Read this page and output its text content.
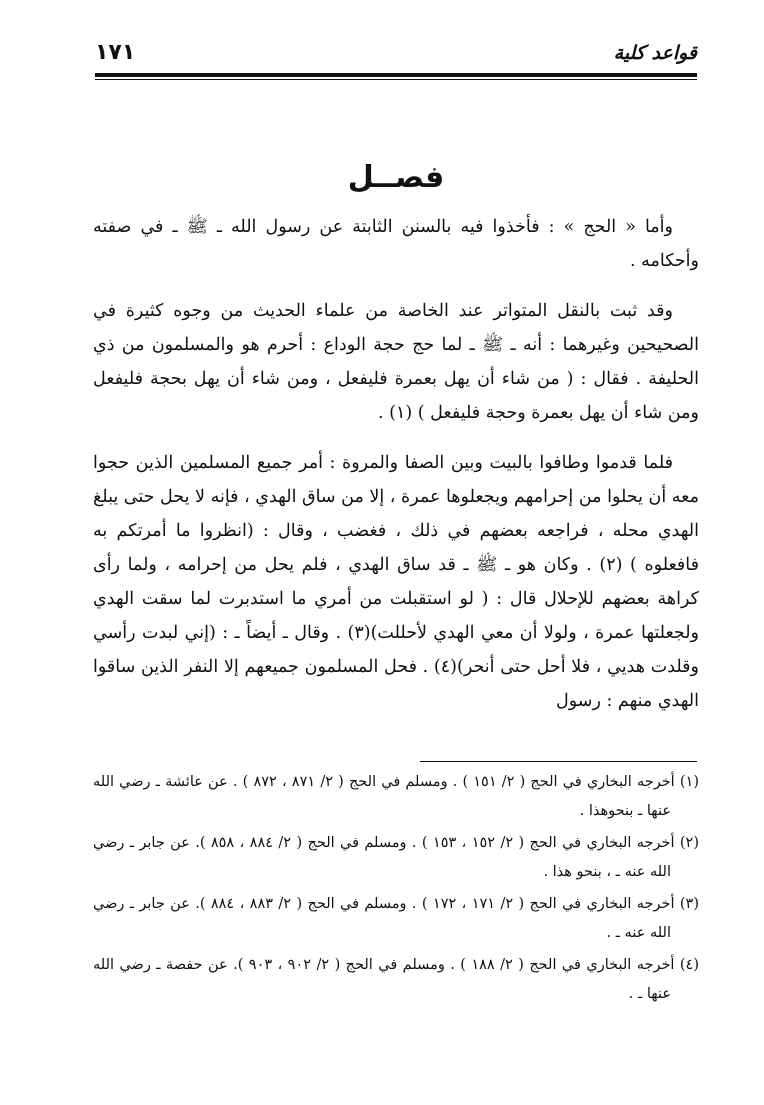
قواعد كلية
١٧١
فصــل

وأما « الحج » : فأخذوا فيه بالسنن الثابتة عن رسول الله ـ ﷺ ـ في صفته وأحكامه .

وقد ثبت بالنقل المتواتر عند الخاصة من علماء الحديث من وجوه كثيرة في الصحيحين وغيرهما : أنه ـ ﷺ ـ لما حج حجة الوداع : أحرم هو والمسلمون من ذي الحليفة . فقال : ( من شاء أن يهل بعمرة فليفعل ، ومن شاء أن يهل بحجة فليفعل ومن شاء أن يهل بعمرة وحجة فليفعل ) (١) .

فلما قدموا وطافوا بالبيت وبين الصفا والمروة : أمر جميع المسلمين الذين حجوا معه أن يحلوا من إحرامهم ويجعلوها عمرة ، إلا من ساق الهدي ، فإنه لا يحل حتى يبلغ الهدي محله ، فراجعه بعضهم في ذلك ، فغضب ، وقال : (انظروا ما أمرتكم به فافعلوه ) (٢) . وكان هو ـ ﷺ ـ قد ساق الهدي ، فلم يحل من إحرامه ، ولما رأى كراهة بعضهم للإحلال قال : ( لو استقبلت من أمري ما استدبرت لما سقت الهدي ولجعلتها عمرة ، ولولا أن معي الهدي لأحللت)(٣) . وقال ـ أيضاً ـ : (إني لبدت رأسي وقلدت هديي ، فلا أحل حتى أنحر)(٤) . فحل المسلمون جميعهم إلا النفر الذين ساقوا الهدي منهم : رسول

(١) أخرجه البخاري في الحج ( ٢/ ١٥١ ) . ومسلم في الحج ( ٢/ ٨٧١ ، ٨٧٢ ) . عن عائشة ـ رضي الله عنها ـ بنحوهذا .

(٢) أخرجه البخاري في الحج ( ٢/ ١٥٢ ، ١٥٣ ) . ومسلم في الحج ( ٢/ ٨٨٤ ، ٨٥٨ ). عن جابر ـ رضي الله عنه ـ ، بنحو هذا .

(٣) أخرجه البخاري في الحج ( ٢/ ١٧١ ، ١٧٢ ) . ومسلم في الحج ( ٢/ ٨٨٣ ، ٨٨٤ ). عن جابر ـ رضي الله عنه ـ .

(٤) أخرجه البخاري في الحج ( ٢/ ١٨٨ ) . ومسلم في الحج ( ٢/ ٩٠٢ ، ٩٠٣ ). عن حفصة ـ رضي الله عنها ـ .
